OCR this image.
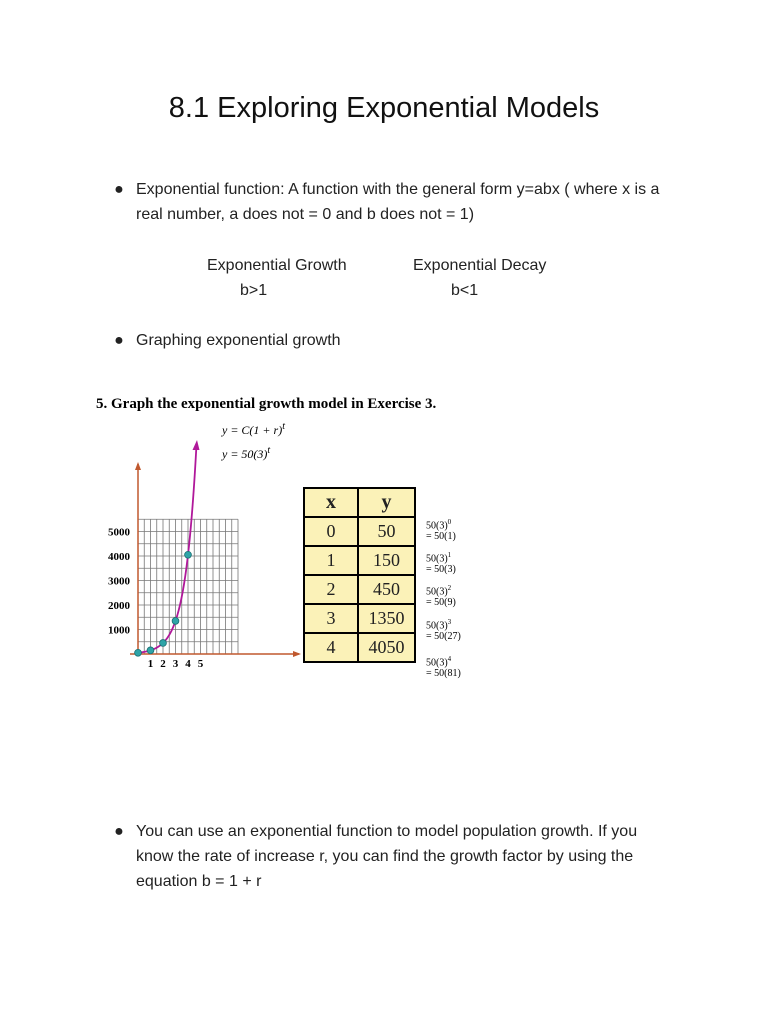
8.1 Exploring Exponential Models
● Exponential function: A function with the general form y=abx ( where x is a real number, a does not = 0 and b does not = 1)
Exponential Growth
b>1
Exponential Decay
b<1
● Graphing exponential growth
5. Graph the exponential growth model in Exercise 3.
$y = C(1 + r)^t$
$y = 50(3)^t$
1000
2000
3000
4000
5000
1 2 3 4 5
x	y
0	50
1	150
2	450
3	1350
4	4050
$50(3)^0$
= 50(1)
$50(3)^1$
= 50(3)
$50(3)^2$
= 50(9)
$50(3)^3$
= 50(27)
$50(3)^4$
= 50(81)
● You can use an exponential function to model population growth. If you know the rate of increase r, you can find the growth factor by using the equation b = 1 + r
